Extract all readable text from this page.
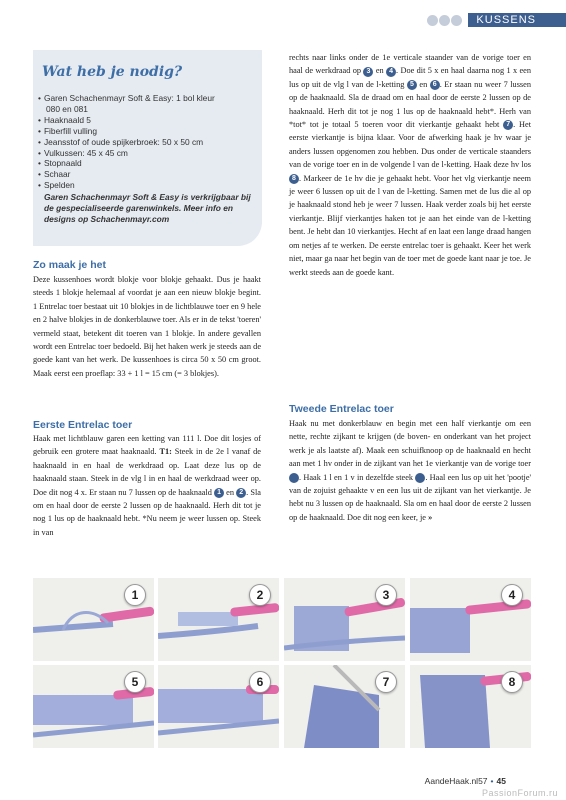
KUSSENS
Wat heb je nodig?
• Garen Schachenmayr Soft & Easy: 1 bol kleur
080 en 081
• Haaknaald 5
• Fiberfill vulling
• Jeansstof of oude spijkerbroek: 50 x 50 cm
• Vulkussen: 45 x 45 cm
• Stopnaald
• Schaar
• Spelden
Garen Schachenmayr Soft & Easy is verkrijgbaar bij de gespecialiseerde garenwinkels. Meer info en designs op Schachenmayr.com
Zo maak je het

Deze kussenhoes wordt blokje voor blokje gehaakt. Dus je haakt steeds 1 blokje helemaal af voordat je aan een nieuw blokje begint. 1 Entrelac toer bestaat uit 10 blokjes in de lichtblauwe toer en 9 hele en 2 halve blokjes in de donkerblauwe toer. Als er in de tekst 'toeren' vermeld staat, betekent dit toeren van 1 blokje. In andere gevallen wordt een Entrelac toer bedoeld. Bij het haken werk je steeds aan de goede kant van het werk. De kussenhoes is circa 50 x 50 cm groot. Maak eerst een proeflap: 33 + 1 l = 15 cm (= 3 blokjes).

Eerste Entrelac toer

Haak met lichtblauw garen een ketting van 111 l. Doe dit losjes of gebruik een grotere maat haaknaald. T1: Steek in de 2e l vanaf de haaknaald in en haal de werkdraad op. Laat deze lus op de haaknaald staan. Steek in de vlg l in en haal de werkdraad weer op. Doe dit nog 4 x. Er staan nu 7 lussen op de haaknaald 1 en 2 . Sla om en haal door de eerste 2 lussen op de haaknaald. Herh dit tot je nog 1 lus op de haaknaald hebt. *Nu neem je weer lussen op. Steek in van

rechts naar links onder de 1e verticale staander van de vorige toer en haal de werkdraad op 3 en 4 . Doe dit 5 x en haal daarna nog 1 x een lus op uit de vlg l van de l-ketting 5 en 6 . Er staan nu weer 7 lussen op de haaknaald. Sla de draad om en haal door de eerste 2 lussen op de haaknaald. Herh dit tot je nog 1 lus op de haaknaald hebt*. Herh van *tot* tot je totaal 5 toeren voor dit vierkantje gehaakt hebt 7 . Het eerste vierkantje is bijna klaar. Voor de afwerking haak je hv waar je anders lussen opgenomen zou hebben. Dus onder de verticale staanders van de vorige toer en in de volgende l van de l-ketting. Haak deze hv los 8 . Markeer de 1e hv die je gehaakt hebt. Voor het vlg vierkantje neem je weer 6 lussen op uit de l van de l-ketting. Samen met de lus die al op je haaknaald stond heb je weer 7 lussen. Haak verder zoals bij het eerste vierkantje. Blijf vierkantjes haken tot je aan het einde van de l-ketting bent. Je hebt dan 10 vierkantjes. Hecht af en laat een lange draad hangen om netjes af te werken. De eerste entrelac toer is gehaakt. Keer het werk niet, maar ga naar het begin van de toer met de goede kant naar je toe. Je werkt steeds aan de goede kant.

Tweede Entrelac toer

Haak nu met donkerblauw en begin met een half vierkantje om een nette, rechte zijkant te krijgen (de boven- en onderkant van het project werk je als laatste af). Maak een schuifknoop op de haaknaald en hecht aan met 1 hv onder in de zijkant van het 1e vierkantje van de vorige toer . Haak 1 l en 1 v in dezelfde steek . Haal een lus op uit het 'pootje' van de zojuist gehaakte v en een lus uit de zijkant van het vierkantje. Je hebt nu 3 lussen op de haaknaald. Sla om en haal door de eerste 2 lussen op de haaknaald. Doe dit nog een keer, je »

1	2	3	4
5	6	7	8
AandeHaak.nl57 • 45
PassionForum.ru
